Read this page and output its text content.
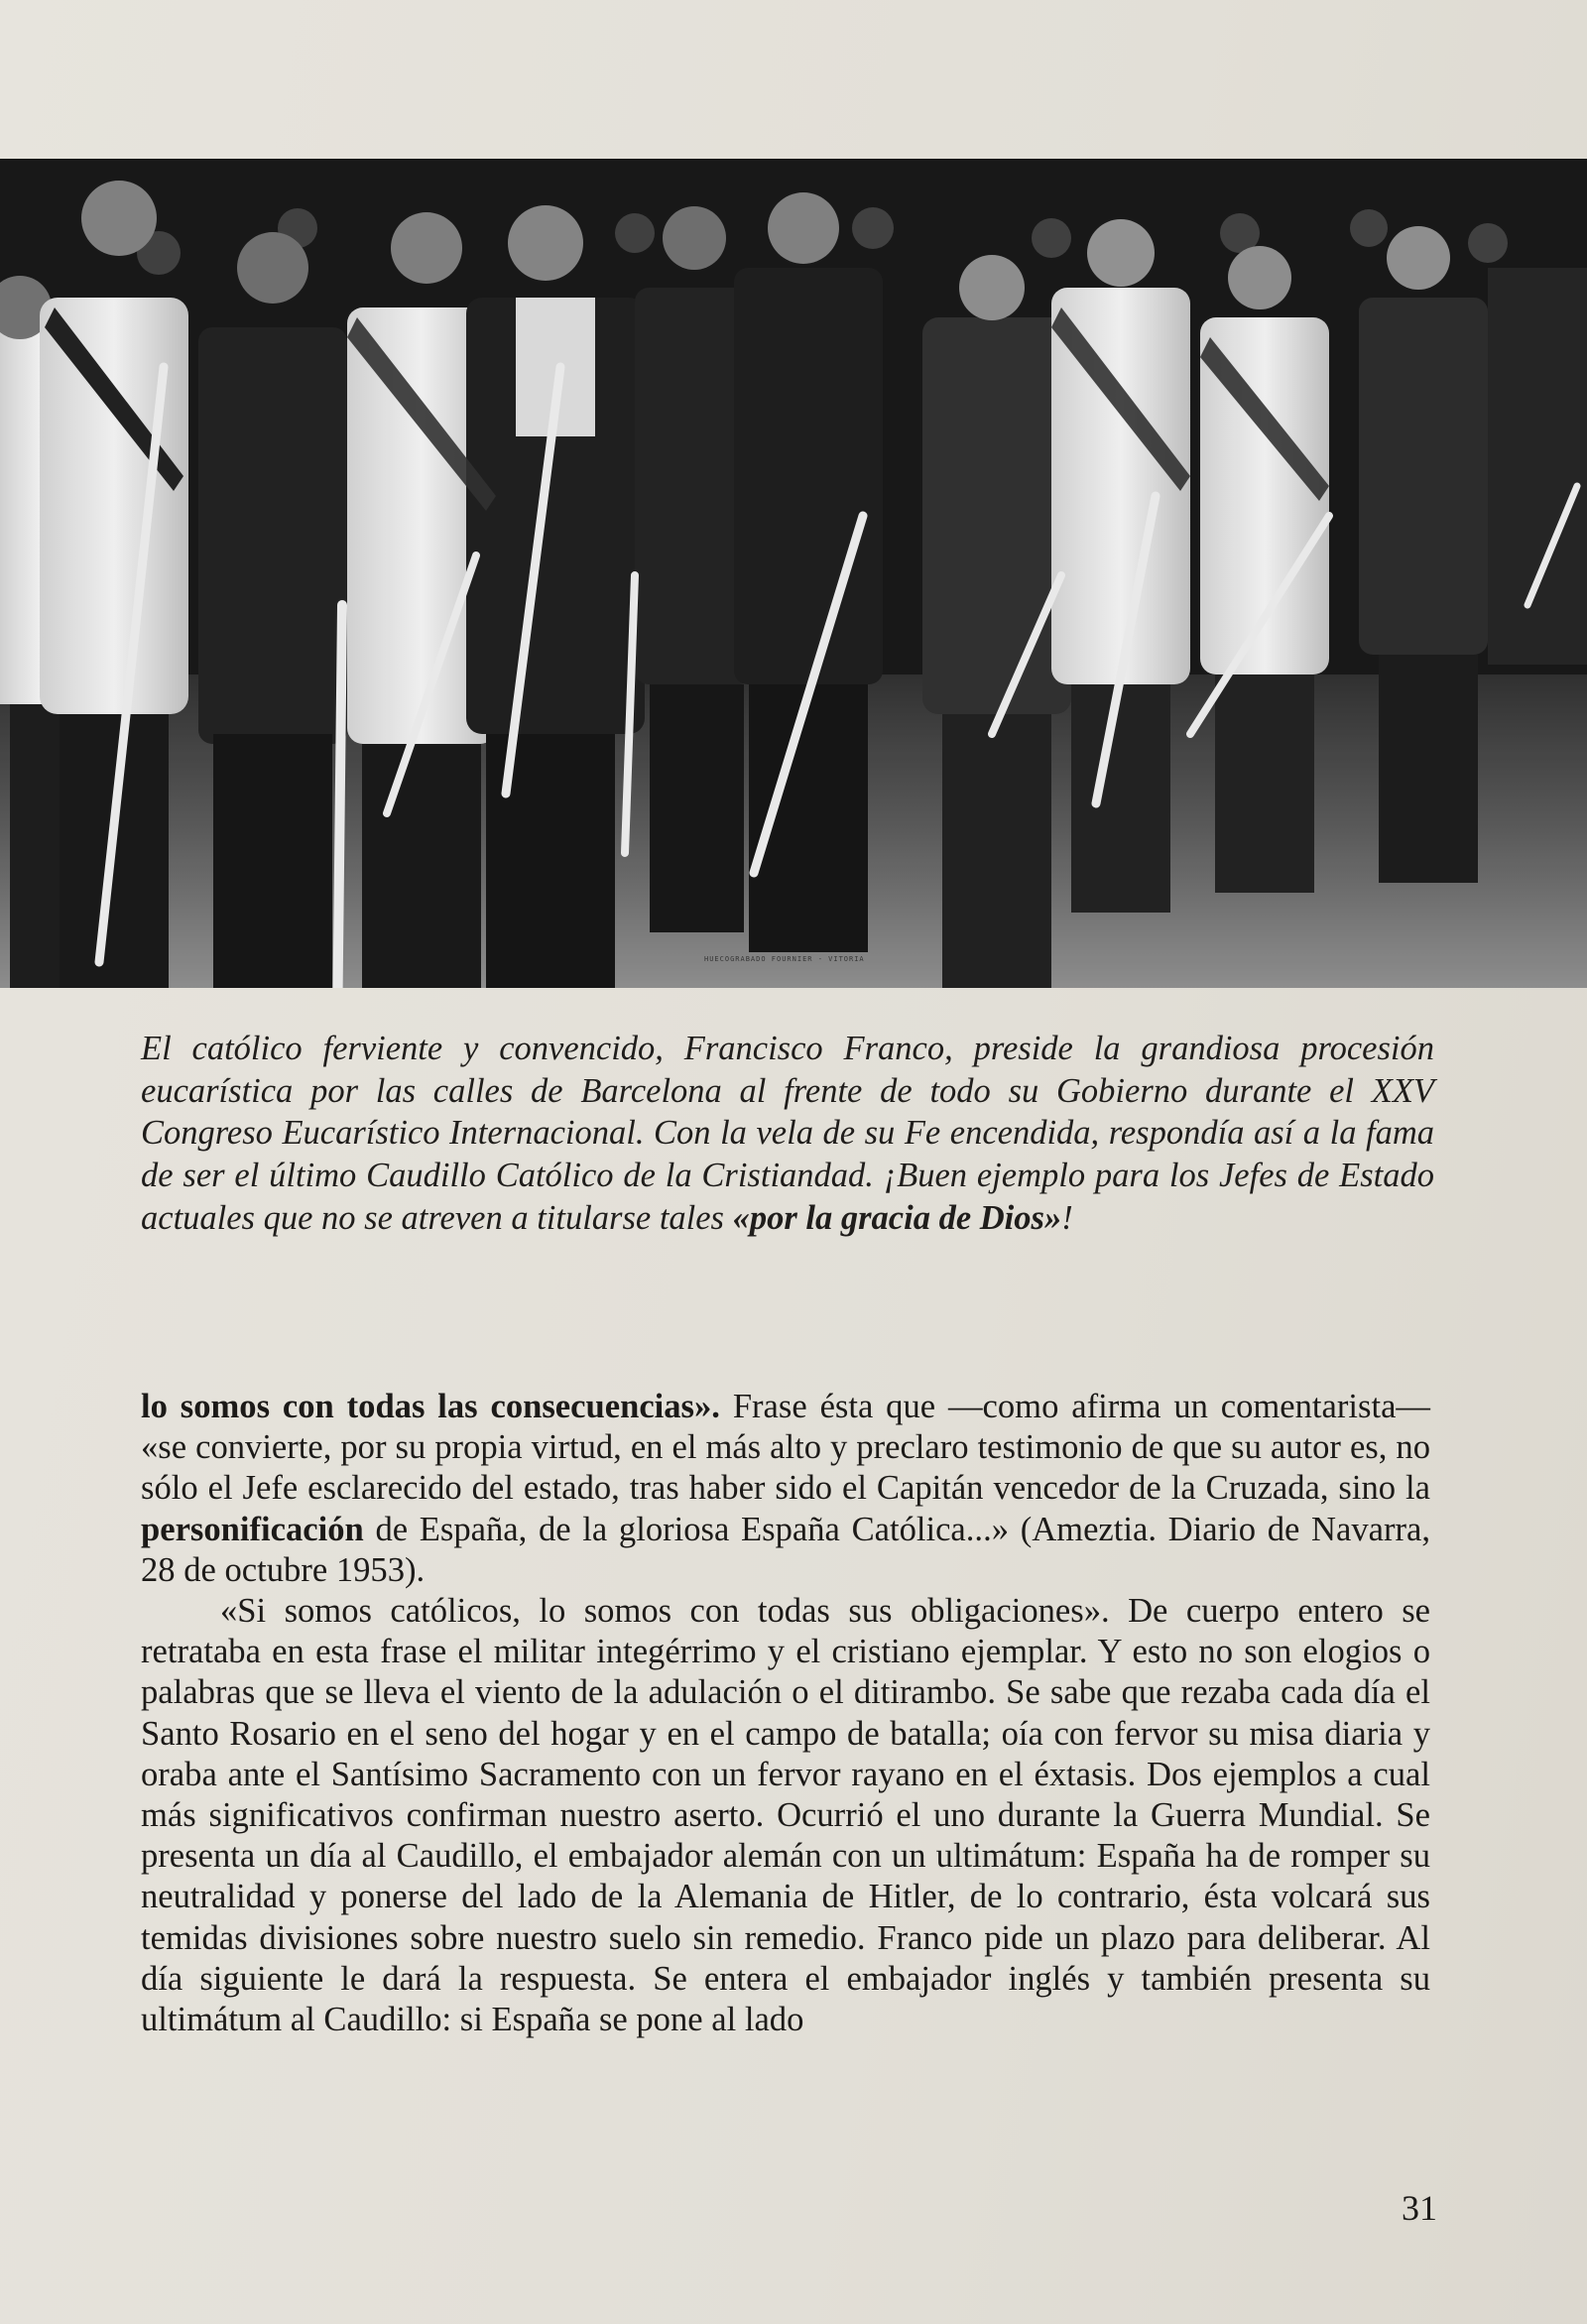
HUECOGRABADO FOURNIER - VITORIA
El católico ferviente y convencido, Francisco Franco, preside la grandiosa procesión eucarística por las calles de Barcelona al frente de todo su Gobierno durante el XXV Congreso Eucarístico Internacional. Con la vela de su Fe encendida, respondía así a la fama de ser el último Caudillo Católico de la Cristiandad. ¡Buen ejemplo para los Jefes de Estado actuales que no se atreven a titularse tales «por la gracia de Dios»!

lo somos con todas las consecuencias». Frase ésta que —como afirma un comentarista— «se convierte, por su propia virtud, en el más alto y preclaro testimonio de que su autor es, no sólo el Jefe esclarecido del estado, tras haber sido el Capitán vencedor de la Cruzada, sino la personificación de España, de la gloriosa España Católica...» (Ameztia. Diario de Navarra, 28 de octubre 1953).

«Si somos católicos, lo somos con todas sus obligaciones». De cuerpo entero se retrataba en esta frase el militar integérrimo y el cristiano ejemplar. Y esto no son elogios o palabras que se lleva el viento de la adulación o el ditirambo. Se sabe que rezaba cada día el Santo Rosario en el seno del hogar y en el campo de batalla; oía con fervor su misa diaria y oraba ante el Santísimo Sacramento con un fervor rayano en el éxtasis. Dos ejemplos a cual más significativos confirman nuestro aserto. Ocurrió el uno durante la Guerra Mundial. Se presenta un día al Caudillo, el embajador alemán con un ultimátum: España ha de romper su neutralidad y ponerse del lado de la Alemania de Hitler, de lo contrario, ésta volcará sus temidas divisiones sobre nuestro suelo sin remedio. Franco pide un plazo para deliberar. Al día siguiente le dará la respuesta. Se entera el embajador inglés y también presenta su ultimátum al Caudillo: si España se pone al lado

31
